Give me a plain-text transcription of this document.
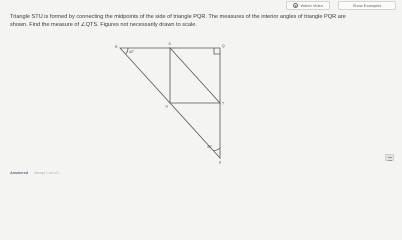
Watch Video	Show Examples
Triangle STU is formed by connecting the midpoints of the side of triangle PQR. The measures of the interior angles of triangle PQR are
shown. Find the measure of ∠QTS. Figures not necessarily drawn to scale.
R
S	Q
T
U
P
42°
49°
Answered Attempt 1 out of 2
